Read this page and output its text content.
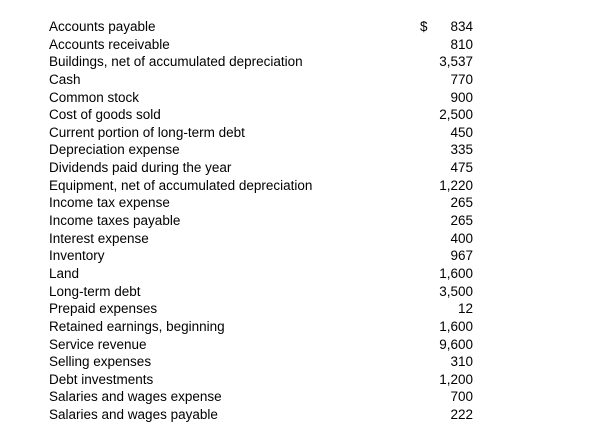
Accounts payable	$ 834
Accounts receivable	810
Buildings, net of accumulated depreciation	3,537
Cash	770
Common stock	900
Cost of goods sold	2,500
Current portion of long-term debt	450
Depreciation expense	335
Dividends paid during the year	475
Equipment, net of accumulated depreciation	1,220
Income tax expense	265
Income taxes payable	265
Interest expense	400
Inventory	967
Land	1,600
Long-term debt	3,500
Prepaid expenses	12
Retained earnings, beginning	1,600
Service revenue	9,600
Selling expenses	310
Debt investments	1,200
Salaries and wages expense	700
Salaries and wages payable	222
